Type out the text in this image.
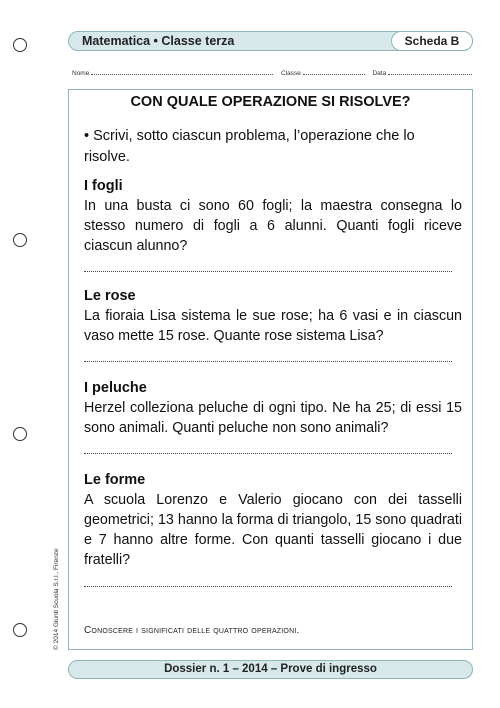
Matematica • Classe terza	Scheda B
Nome	Classe	Data
CON QUALE OPERAZIONE SI RISOLVE?
• Scrivi, sotto ciascun problema, l’operazione che lo risolve.
I fogli

In una busta ci sono 60 fogli; la maestra consegna lo stesso numero di fogli a 6 alunni. Quanti fogli riceve ciascun alunno?

Le rose

La fioraia Lisa sistema le sue rose; ha 6 vasi e in ciascun vaso mette 15 rose. Quante rose sistema Lisa?

I peluche

Herzel colleziona peluche di ogni tipo. Ne ha 25; di essi 15 sono animali. Quanti peluche non sono animali?

Le forme

A scuola Lorenzo e Valerio giocano con dei tasselli geometrici; 13 hanno la forma di triangolo, 15 sono quadrati e 7 hanno altre forme. Con quanti tasselli giocano i due fratelli?

Conoscere i significati delle quattro operazioni.
Dossier n. 1 – 2014 – Prove di ingresso
© 2014 Giunti Scuola S.r.l., Firenze
